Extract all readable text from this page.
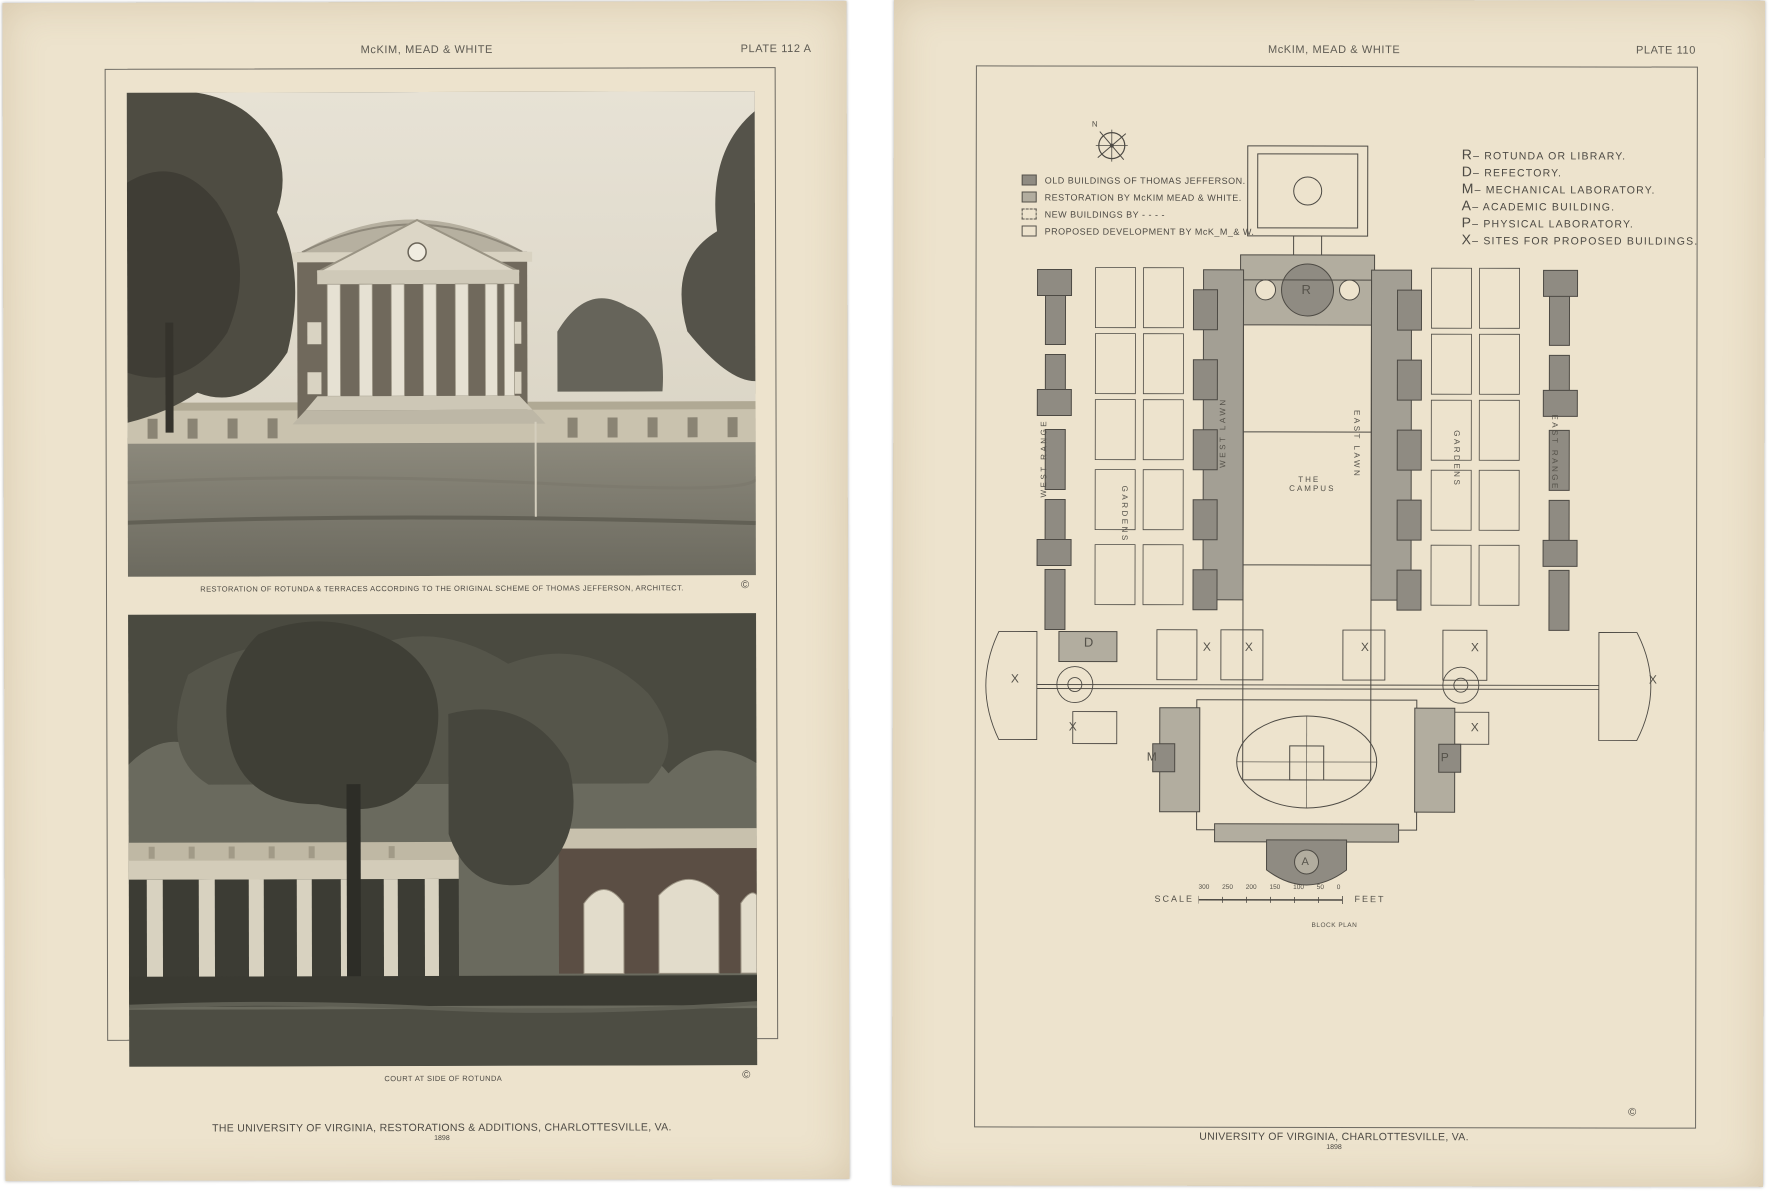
McKIM, MEAD & WHITE	PLATE 112 A
RESTORATION OF ROTUNDA & TERRACES ACCORDING TO THE ORIGINAL SCHEME OF THOMAS JEFFERSON, ARCHITECT.	©
COURT AT SIDE OF ROTUNDA	©
THE UNIVERSITY OF VIRGINIA, RESTORATIONS & ADDITIONS, CHARLOTTESVILLE, VA.
1898
McKIM, MEAD & WHITE	PLATE 110
N
OLD BUILDINGS OF THOMAS JEFFERSON.
RESTORATION BY McKIM MEAD & WHITE.
NEW BUILDINGS BY - - - -
PROPOSED DEVELOPMENT BY McK_M_& W.
R– ROTUNDA OR LIBRARY.
D– REFECTORY.
M– MECHANICAL LABORATORY.
A– ACADEMIC BUILDING.
P– PHYSICAL LABORATORY.
X– SITES FOR PROPOSED BUILDINGS.
WEST RANGE
GARDENS
WEST LAWN
THE CAMPUS
EAST LAWN	GARDENS	EAST RANGE
R
D
M	P
A
X
X
X	X	X	X
X
X
SCALE
300 250 200 150 100 50 0
FEET
BLOCK PLAN
©
UNIVERSITY OF VIRGINIA, CHARLOTTESVILLE, VA.
1898
